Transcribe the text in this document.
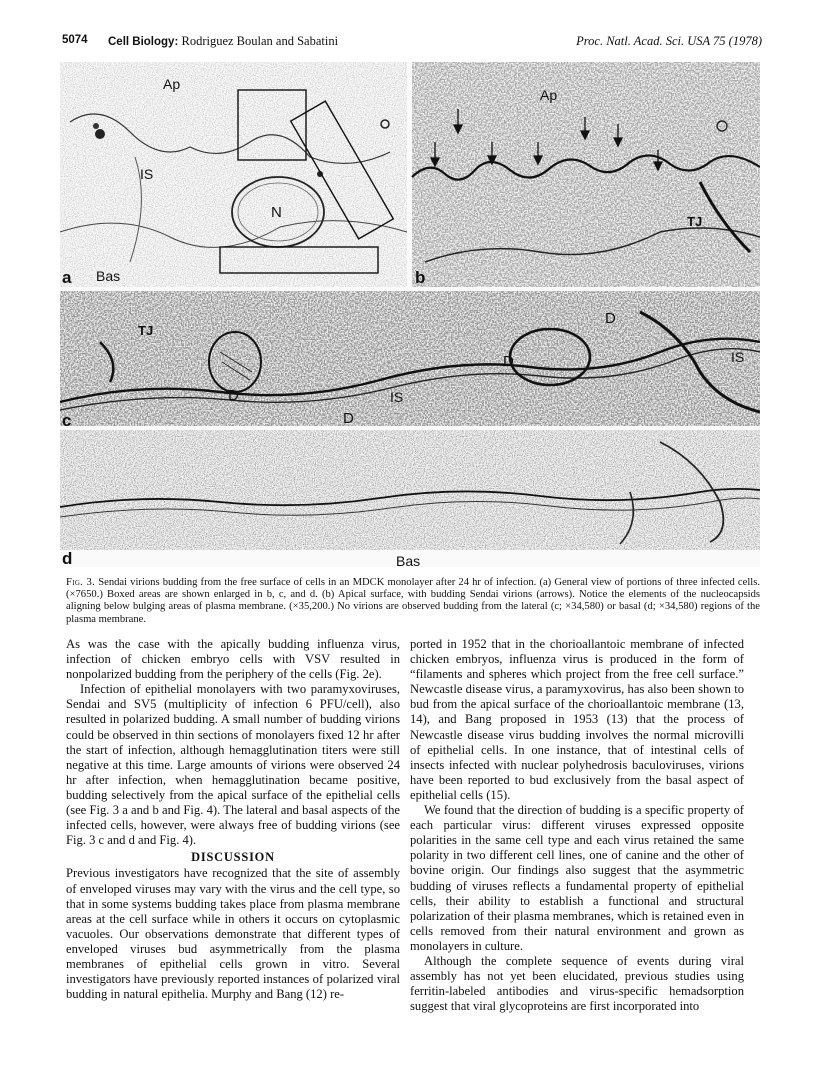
5074 Cell Biology: Rodriguez Boulan and Sabatini	Proc. Natl. Acad. Sci. USA 75 (1978)
a	b
c
d
Ap
Ap
IS
N
Bas
TJ
TJ
D
D
D
D
IS
IS
Bas
Fig. 3. Sendai virions budding from the free surface of cells in an MDCK monolayer after 24 hr of infection. (a) General view of portions of three infected cells. (×7650.) Boxed areas are shown enlarged in b, c, and d. (b) Apical surface, with budding Sendai virions (arrows). Notice the elements of the nucleocapsids aligning below bulging areas of plasma membrane. (×35,200.) No virions are observed budding from the lateral (c; ×34,580) or basal (d; ×34,580) regions of the plasma membrane.

As was the case with the apically budding influenza virus, infection of chicken embryo cells with VSV resulted in nonpolarized budding from the periphery of the cells (Fig. 2e).

Infection of epithelial monolayers with two paramyxoviruses, Sendai and SV5 (multiplicity of infection 6 PFU/cell), also resulted in polarized budding. A small number of budding virions could be observed in thin sections of monolayers fixed 12 hr after the start of infection, although hemagglutination titers were still negative at this time. Large amounts of virions were observed 24 hr after infection, when hemagglutination became positive, budding selectively from the apical surface of the epithelial cells (see Fig. 3 a and b and Fig. 4). The lateral and basal aspects of the infected cells, however, were always free of budding virions (see Fig. 3 c and d and Fig. 4).

DISCUSSION

Previous investigators have recognized that the site of assembly of enveloped viruses may vary with the virus and the cell type, so that in some systems budding takes place from plasma membrane areas at the cell surface while in others it occurs on cytoplasmic vacuoles. Our observations demonstrate that different types of enveloped viruses bud asymmetrically from the plasma membranes of epithelial cells grown in vitro. Several investigators have previously reported instances of polarized viral budding in natural epithelia. Murphy and Bang (12) re-

ported in 1952 that in the chorioallantoic membrane of infected chicken embryos, influenza virus is produced in the form of “filaments and spheres which project from the free cell surface.” Newcastle disease virus, a paramyxovirus, has also been shown to bud from the apical surface of the chorioallantoic membrane (13, 14), and Bang proposed in 1953 (13) that the process of Newcastle disease virus budding involves the normal microvilli of epithelial cells. In one instance, that of intestinal cells of insects infected with nuclear polyhedrosis baculoviruses, virions have been reported to bud exclusively from the basal aspect of epithelial cells (15).

We found that the direction of budding is a specific property of each particular virus: different viruses expressed opposite polarities in the same cell type and each virus retained the same polarity in two different cell lines, one of canine and the other of bovine origin. Our findings also suggest that the asymmetric budding of viruses reflects a fundamental property of epithelial cells, their ability to establish a functional and structural polarization of their plasma membranes, which is retained even in cells removed from their natural environment and grown as monolayers in culture.

Although the complete sequence of events during viral assembly has not yet been elucidated, previous studies using ferritin-labeled antibodies and virus-specific hemadsorption suggest that viral glycoproteins are first incorporated into
